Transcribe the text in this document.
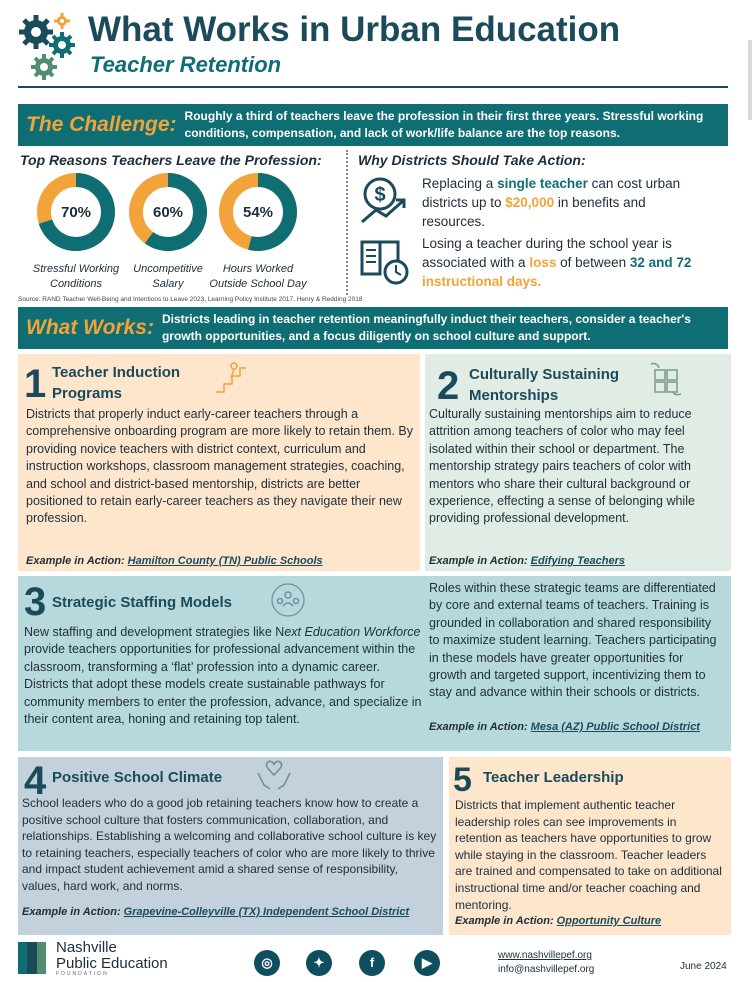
What Works in Urban Education
Teacher Retention
The Challenge: Roughly a third of teachers leave the profession in their first three years. Stressful working conditions, compensation, and lack of work/life balance are the top reasons.
Top Reasons Teachers Leave the Profession:
70%
Stressful Working Conditions
60%
Uncompetitive Salary
54%
Hours Worked Outside School Day
Why Districts Should Take Action:
$
Replacing a single teacher can cost urban districts up to $20,000 in benefits and resources.
Losing a teacher during the school year is associated with a loss of between 32 and 72
instructional days.
Source: RAND Teacher Well-Being and Intentions to Leave 2023, Learning Policy Institute 2017, Henry & Redding 2018
What Works: Districts leading in teacher retention meaningfully induct their teachers, consider a teacher's growth opportunities, and a focus diligently on school culture and support.
1 Teacher Induction Programs
Districts that properly induct early-career teachers through a comprehensive onboarding program are more likely to retain them. By providing novice teachers with district context, curriculum and instruction workshops, classroom management strategies, coaching, and school and district-based mentorship, districts are better positioned to retain early-career teachers as they navigate their new profession.
Example in Action: Hamilton County (TN) Public Schools
2 Culturally Sustaining Mentorships
Culturally sustaining mentorships aim to reduce attrition among teachers of color who may feel isolated within their school or department. The mentorship strategy pairs teachers of color with mentors who share their cultural background or experience, effecting a sense of belonging while providing professional development.
Example in Action: Edifying Teachers
3 Strategic Staffing Models
New staffing and development strategies like Next Education Workforce provide teachers opportunities for professional advancement within the classroom, transforming a ‘flat’ profession into a dynamic career. Districts that adopt these models create sustainable pathways for community members to enter the profession, advance, and specialize in their content area, honing and retaining top talent.
Roles within these strategic teams are differentiated by core and external teams of teachers. Training is grounded in collaboration and shared responsibility to maximize student learning. Teachers participating in these models have greater opportunities for growth and targeted support, incentivizing them to stay and advance within their schools or districts.
Example in Action: Mesa (AZ) Public School District
4 Positive School Climate
School leaders who do a good job retaining teachers know how to create a positive school culture that fosters communication, collaboration, and relationships. Establishing a welcoming and collaborative school culture is key to retaining teachers, especially teachers of color who are more likely to thrive and impact student achievement amid a shared sense of responsibility, values, hard work, and norms.
Example in Action: Grapevine-Colleyville (TX) Independent School District
5 Teacher Leadership
Districts that implement authentic teacher leadership roles can see improvements in retention as teachers have opportunities to grow while staying in the classroom. Teacher leaders are trained and compensated to take on additional instructional time and/or teacher coaching and mentoring.
Example in Action: Opportunity Culture
Nashville
Public Education
FOUNDATION
◎	✦	f	▶	www.nashvillepef.org
info@nashvillepef.org	June 2024
